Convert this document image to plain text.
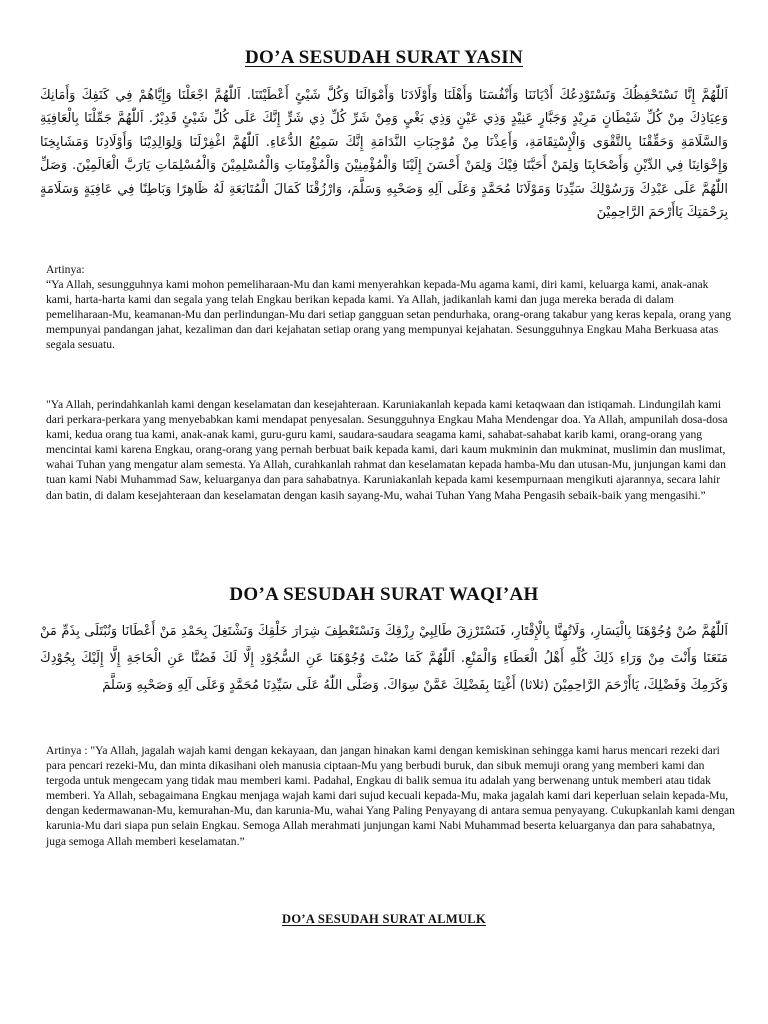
DO’A SESUDAH SURAT YASIN

اَللّٰهُمَّ إِنَّا نَسْتَحْفِظُكَ وَنَسْتَوْدِعُكَ أَدْيَانَنَا وَأَنْفُسَنَا وَأَهْلَنَا وَأَوْلَادَنَا وَأَمْوَالَنَا وَكُلَّ شَيْئٍ أَعْطَيْتَنَا. اَللّٰهُمَّ اجْعَلْنَا وَإِيَّاهُمْ فِي كَنَفِكَ وَأَمَانِكَ وَعِيَاذِكَ مِنْ كُلِّ شَيْطَانٍ مَرِيْدٍ وَجَبَّارٍ عَنِيْدٍ وَذِي عَيْنٍ وَذِي بَغْيٍ وَمِنْ شَرِّ كُلِّ ذِي شَرٍّ إِنَّكَ عَلَى كُلِّ شَيْئٍ قَدِيْرٌ. اَللّٰهُمَّ جَمِّلْنَا بِالْعَافِيَةِ وَالسَّلَامَةِ وَحَقِّقْنَا بِالتَّقْوَى وَالْإِسْتِقَامَةِ، وَأَعِذْنَا مِنْ مُوْجِبَاتِ النَّدَامَةِ إِنَّكَ سَمِيْعُ الدُّعَاءِ. اَللّٰهُمَّ اغْفِرْلَنَا وَلِوَالِدِيْنَا وَأَوْلَادِنَا وَمَشَايِخِنَا وَإِخْوَانِنَا فِي الدِّيْنِ وَأَصْحَابِنَا وَلِمَنْ أَحَبَّنَا فِيْكَ وَلِمَنْ أَحْسَنَ إِلَيْنَا وَالْمُؤْمِنِيْنَ وَالْمُؤْمِنَاتِ وَالْمُسْلِمِيْنَ وَالْمُسْلِمَاتِ يَارَبَّ الْعَالَمِيْنَ. وَصَلِّ اللّٰهُمَّ عَلَى عَبْدِكَ وَرَسُوْلِكَ سَيِّدِنَا وَمَوْلَانَا مُحَمَّدٍ وَعَلَى آلِهِ وَصَحْبِهِ وَسَلَّمَ، وَارْزُقْنَا كَمَالَ الْمُتَابَعَةِ لَهُ ظَاهِرًا وَبَاطِنًا فِي عَافِيَةٍ وَسَلَامَةٍ بِرَحْمَتِكَ يَاأَرْحَمَ الرَّاحِمِيْنَ

Artinya:

“Ya Allah, sesungguhnya kami mohon pemeliharaan-Mu dan kami menyerahkan kepada-Mu agama kami, diri kami, keluarga kami, anak-anak kami, harta-harta kami dan segala yang telah Engkau berikan kepada kami. Ya Allah, jadikanlah kami dan juga mereka berada di dalam pemeliharaan-Mu, keamanan-Mu dan perlindungan-Mu dari setiap gangguan setan pendurhaka, orang-orang takabur yang keras kepala, orang yang mempunyai pandangan jahat, kezaliman dan dari kejahatan setiap orang yang mempunyai kejahatan. Sesungguhnya Engkau Maha Berkuasa atas segala sesuatu.

"Ya Allah, perindahkanlah kami dengan keselamatan dan kesejahteraan. Karuniakanlah kepada kami ketaqwaan dan istiqamah. Lindungilah kami dari perkara-perkara yang menyebabkan kami mendapat penyesalan. Sesungguhnya Engkau Maha Mendengar doa. Ya Allah, ampunilah dosa-dosa kami, kedua orang tua kami, anak-anak kami, guru-guru kami, saudara-saudara seagama kami, sahabat-sahabat karib kami, orang-orang yang mencintai kami karena Engkau, orang-orang yang pernah berbuat baik kepada kami, dari kaum mukminin dan mukminat, muslimin dan muslimat, wahai Tuhan yang mengatur alam semesta. Ya Allah, curahkanlah rahmat dan keselamatan kepada hamba-Mu dan utusan-Mu, junjungan kami dan tuan kami Nabi Muhammad Saw, keluarganya dan para sahabatnya. Karuniakanlah kepada kami kesempurnaan mengikuti ajarannya, secara lahir dan batin, di dalam kesejahteraan dan keselamatan dengan kasih sayang-Mu, wahai Tuhan Yang Maha Pengasih sebaik-baik yang mengasihi.”

DO’A SESUDAH SURAT WAQI’AH

اَللّٰهُمَّ صُنْ وُجُوْهَنَا بِالْيَسَارِ، وَلَاتُهِنَّا بِالْإِقْتَارِ، فَنَسْتَرْزِقَ طَالِبِيْ رِزْقِكَ وَنَسْتَعْطِفَ شِرَارَ خَلْقِكَ وَنَشْتَغِلَ بِحَمْدِ مَنْ أَعْطَانَا وَنُبْتَلَى بِذَمِّ مَنْ مَنَعَنَا وَأَنْتَ مِنْ وَرَاءِ ذَلِكَ كُلِّهِ أَهْلُ الْعَطَاءِ وَالْمَنْعِ. اَللّٰهُمَّ كَمَا صُنْتَ وُجُوْهَنَا عَنِ السُّجُوْدِ إِلَّا لَكَ فَصُنَّا عَنِ الْحَاجَةِ إِلَّا إِلَيْكَ بِجُوْدِكَ وَكَرَمِكَ وَفَضْلِكَ، يَاأَرْحَمَ الرَّاحِمِيْنَ (ثلاثا) أَغْنِنَا بِفَضْلِكَ عَمَّنْ سِوَاكَ. وَصَلَّى اللّٰهُ عَلَى سَيِّدِنَا مُحَمَّدٍ وَعَلَى آلِهِ وَصَحْبِهِ وَسَلَّمَ

Artinya : "Ya Allah, jagalah wajah kami dengan kekayaan, dan jangan hinakan kami dengan kemiskinan sehingga kami harus mencari rezeki dari para pencari rezeki-Mu, dan minta dikasihani oleh manusia ciptaan-Mu yang berbudi buruk, dan sibuk memuji orang yang memberi kami dan tergoda untuk mengecam yang tidak mau memberi kami. Padahal, Engkau di balik semua itu adalah yang berwenang untuk memberi atau tidak memberi. Ya Allah, sebagaimana Engkau menjaga wajah kami dari sujud kecuali kepada-Mu, maka jagalah kami dari keperluan selain kepada-Mu, dengan kedermawanan-Mu, kemurahan-Mu, dan karunia-Mu, wahai Yang Paling Penyayang di antara semua penyayang. Cukupkanlah kami dengan karunia-Mu dari siapa pun selain Engkau. Semoga Allah merahmati junjungan kami Nabi Muhammad beserta keluarganya dan para sahabatnya, juga semoga Allah memberi keselamatan.”

DO’A SESUDAH SURAT ALMULK
